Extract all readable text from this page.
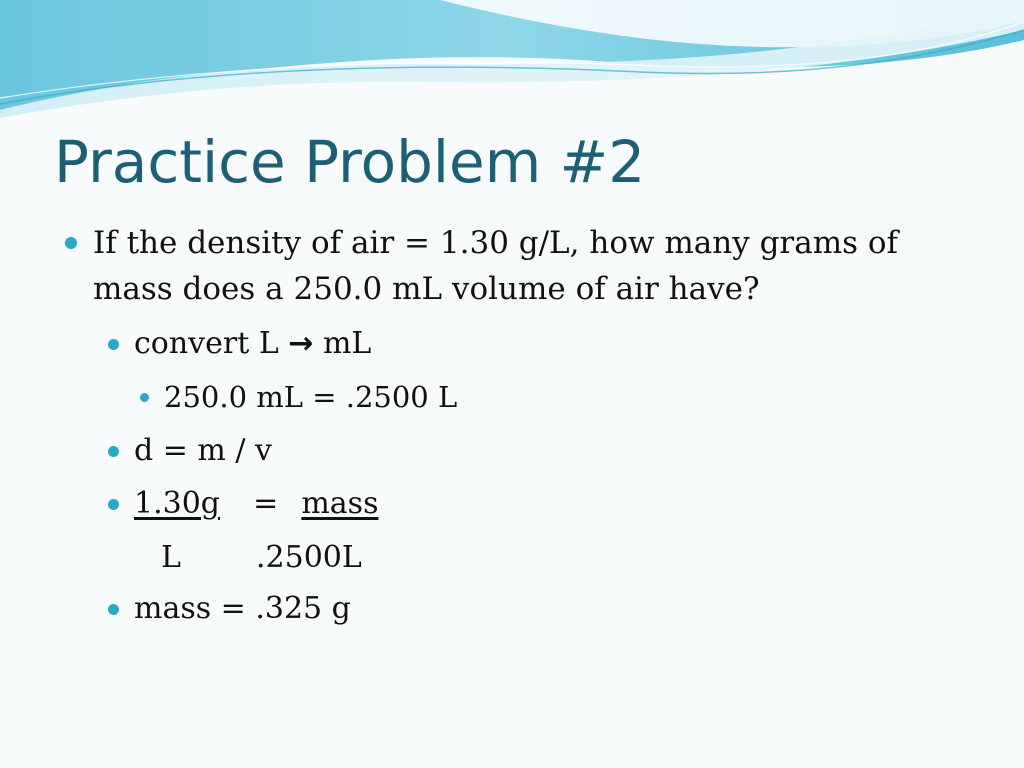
Practice Problem #2
If the density of air = 1.30 g/L, how many grams of
mass does a 250.0 mL volume of air have?
convert L → mL
250.0 mL = .2500 L
d = m / v
1.30g = mass
L	.2500L
mass = .325 g
